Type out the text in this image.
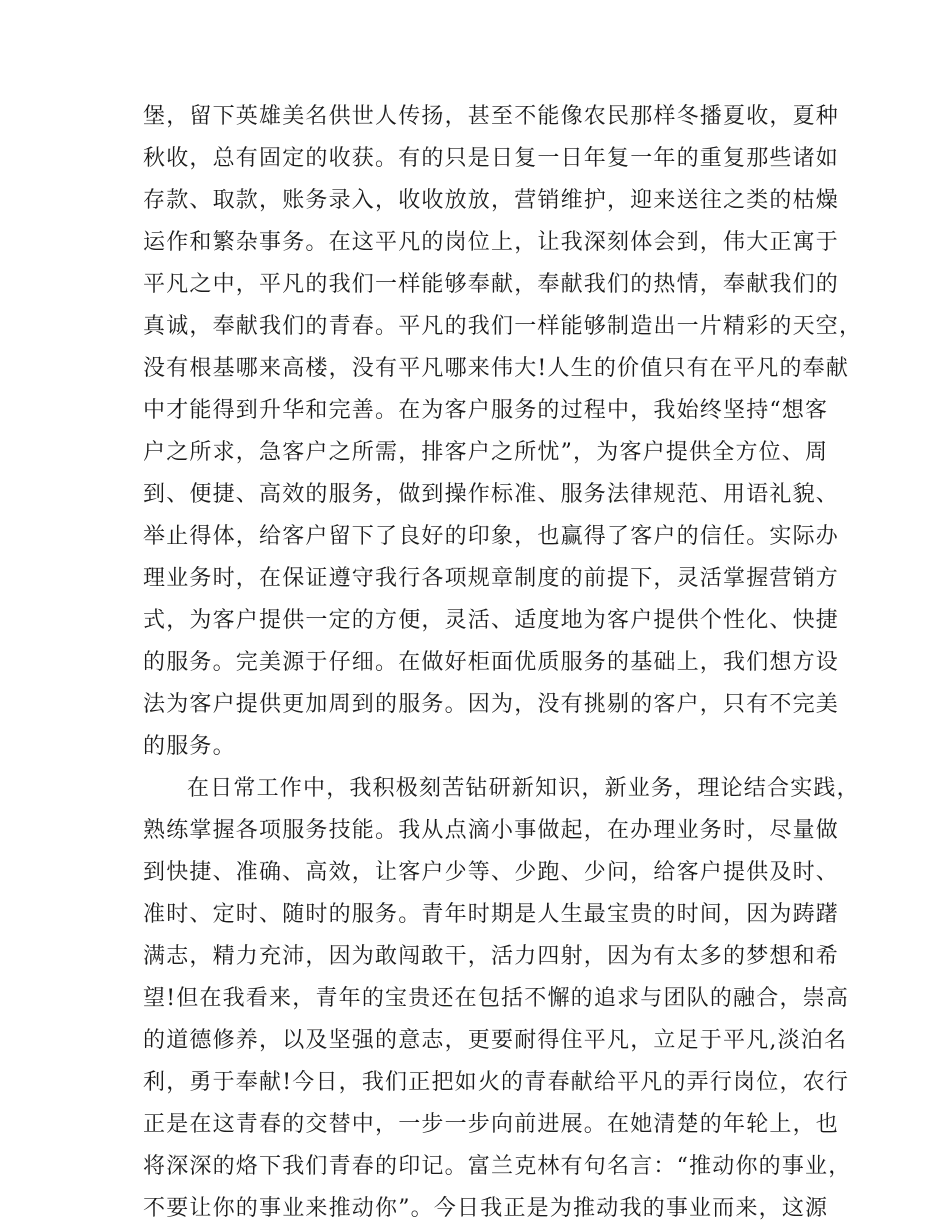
堡，留下英雄美名供世人传扬，甚至不能像农民那样冬播夏收，夏种
秋收，总有固定的收获。有的只是日复一日年复一年的重复那些诸如
存款、取款，账务录入，收收放放，营销维护，迎来送往之类的枯燥
运作和繁杂事务。在这平凡的岗位上，让我深刻体会到，伟大正寓于
平凡之中，平凡的我们一样能够奉献，奉献我们的热情，奉献我们的
真诚，奉献我们的青春。平凡的我们一样能够制造出一片精彩的天空，
没有根基哪来高楼，没有平凡哪来伟大!人生的价值只有在平凡的奉献
中才能得到升华和完善。在为客户服务的过程中，我始终坚持“想客
户之所求，急客户之所需，排客户之所忧”，为客户提供全方位、周
到、便捷、高效的服务，做到操作标准、服务法律规范、用语礼貌、
举止得体，给客户留下了良好的印象，也赢得了客户的信任。实际办
理业务时，在保证遵守我行各项规章制度的前提下，灵活掌握营销方
式，为客户提供一定的方便，灵活、适度地为客户提供个性化、快捷
的服务。完美源于仔细。在做好柜面优质服务的基础上，我们想方设
法为客户提供更加周到的服务。因为，没有挑剔的客户，只有不完美
的服务。
在日常工作中，我积极刻苦钻研新知识，新业务，理论结合实践，
熟练掌握各项服务技能。我从点滴小事做起，在办理业务时，尽量做
到快捷、准确、高效，让客户少等、少跑、少问，给客户提供及时、
准时、定时、随时的服务。青年时期是人生最宝贵的时间，因为踌躇
满志，精力充沛，因为敢闯敢干，活力四射，因为有太多的梦想和希
望!但在我看来，青年的宝贵还在包括不懈的追求与团队的融合，崇高
的道德修养，以及坚强的意志，更要耐得住平凡，立足于平凡,淡泊名
利，勇于奉献!今日，我们正把如火的青春献给平凡的弄行岗位，农行
正是在这青春的交替中，一步一步向前进展。在她清楚的年轮上，也
将深深的烙下我们青春的印记。富兰克林有句名言：“推动你的事业，
不要让你的事业来推动你”。今日我正是为推动我的事业而来，这源
